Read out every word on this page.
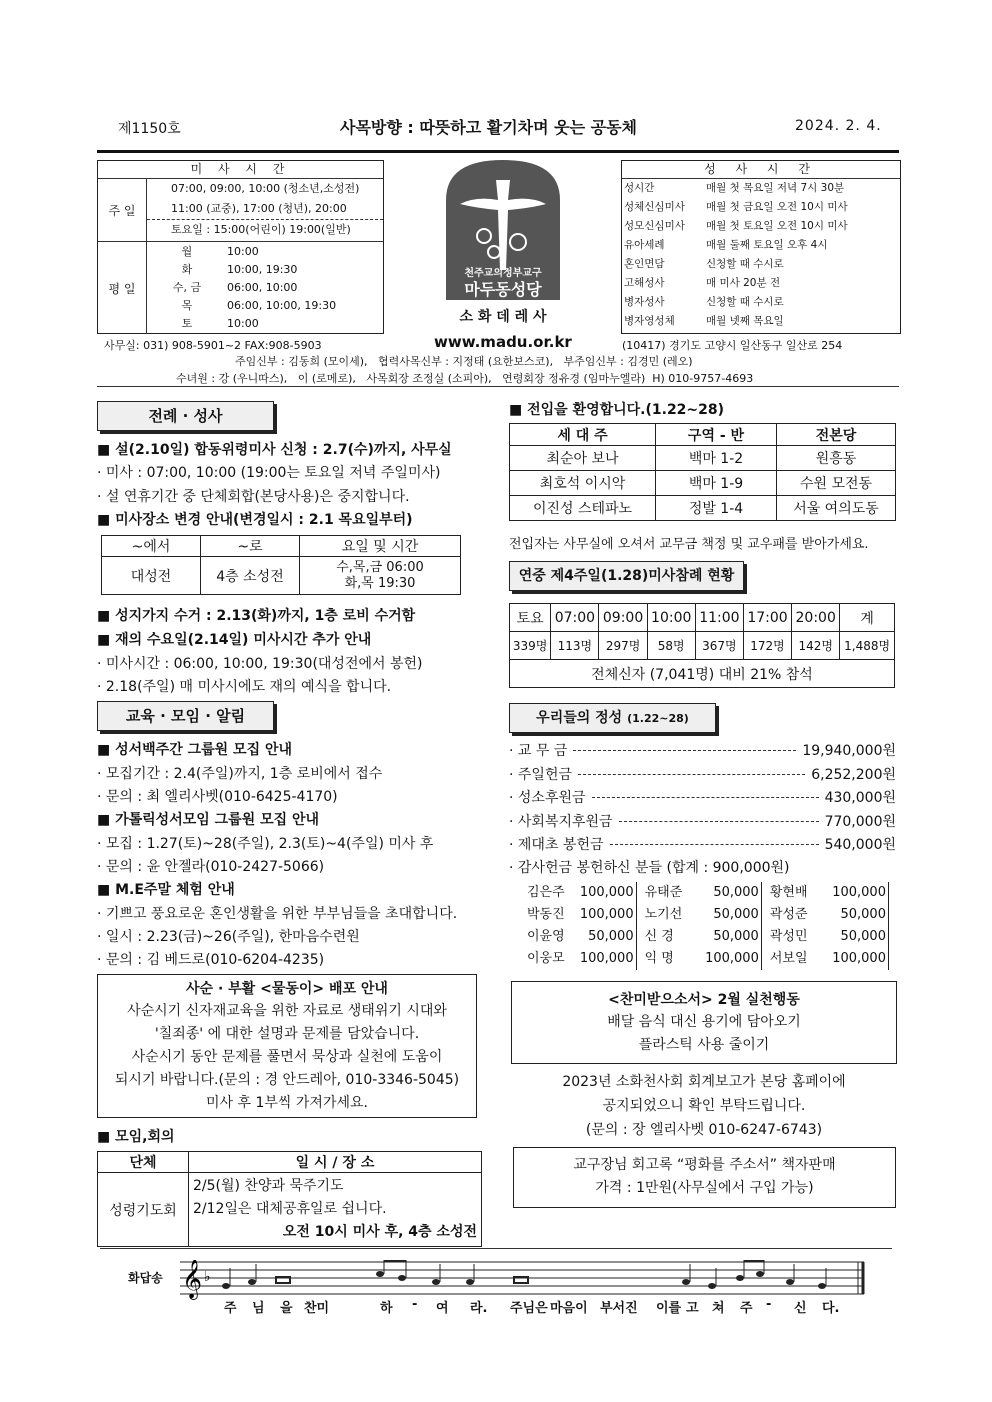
제1150호	사목방향 : 따뜻하고 활기차며 웃는 공동체	2024. 2. 4.
미 사 시 간
주 일
07:00, 09:00, 10:00 (청소년,소성전)
11:00 (교중), 17:00 (청년), 20:00
토요일 : 15:00(어린이) 19:00(일반)
평 일
월	10:00
화	10:00, 19:30
수, 금	06:00, 10:00
목	06:00, 10:00, 19:30
토	10:00
천주교의정부교구
마두동성당
소 화 데 레 사
www.madu.or.kr
성 사 시 간
성시간	매월 첫 목요일 저녁 7시 30분
성체신심미사	매월 첫 금요일 오전 10시 미사
성모신심미사	매월 첫 토요일 오전 10시 미사
유아세례	매월 둘째 토요일 오후 4시
혼인면담	신청할 때 수시로
고해성사	매 미사 20분 전
병자성사	신청할 때 수시로
병자영성체	매월 넷째 목요일
사무실: 031) 908-5901~2 FAX:908-5903	(10417) 경기도 고양시 일산동구 일산로 254
주임신부 : 김동희 (모이세),   협력사목신부 : 지정태 (요한보스코),   부주임신부 : 김경민 (레오)
수녀원 : 강 (우니따스),   이 (로메로),   사목회장 조정실 (소피아),   연령회장 정유경 (임마누엘라)  H) 010-9757-4693
전례 · 성사
■ 설(2.10일) 합동위령미사 신청 : 2.7(수)까지, 사무실
· 미사 : 07:00, 10:00 (19:00는 토요일 저녁 주일미사)
· 설 연휴기간 중 단체회합(본당사용)은 중지합니다.
■ 미사장소 변경 안내(변경일시 : 2.1 목요일부터)
~에서	~로	요일 및 시간
대성전	4층 소성전	수,목,금 06:00
화,목 19:30
■ 성지가지 수거 : 2.13(화)까지, 1층 로비 수거함
■ 재의 수요일(2.14일) 미사시간 추가 안내
· 미사시간 : 06:00, 10:00, 19:30(대성전에서 봉헌)
· 2.18(주일) 매 미사시에도 재의 예식을 합니다.
교육 · 모임 · 알림
■ 성서백주간 그룹원 모집 안내
· 모집기간 : 2.4(주일)까지, 1층 로비에서 접수
· 문의 : 최 엘리사벳(010-6425-4170)
■ 가톨릭성서모임 그룹원 모집 안내
· 모집 : 1.27(토)~28(주일), 2.3(토)~4(주일) 미사 후
· 문의 : 윤 안젤라(010-2427-5066)
■ M.E주말 체험 안내
· 기쁘고 풍요로운 혼인생활을 위한 부부님들을 초대합니다.
· 일시 : 2.23(금)~26(주일), 한마음수련원
· 문의 : 김 베드로(010-6204-4235)
사순 · 부활 <물동이> 배포 안내
사순시기 신자재교육을 위한 자료로 생태위기 시대와
'칠죄종' 에 대한 설명과 문제를 담았습니다.
사순시기 동안 문제를 풀면서 묵상과 실천에 도움이
되시기 바랍니다.(문의 : 경 안드레아, 010-3346-5045)
미사 후 1부씩 가져가세요.
■ 모임,회의
단체	일 시 / 장 소
성령기도회	2/5(월) 찬양과 묵주기도
2/12일은 대체공휴일로 쉽니다.
오전 10시 미사 후, 4층 소성전
■ 전입을 환영합니다.(1.22~28)
세 대 주	구역 - 반	전본당
최순아 보나	백마 1-2	원흥동
최호석 이시악	백마 1-9	수원 모전동
이진성 스테파노	정발 1-4	서울 여의도동
전입자는 사무실에 오셔서 교무금 책정 및 교우패를 받아가세요.
연중 제4주일(1.28)미사참례 현황
토요	07:00	09:00	10:00	11:00	17:00	20:00	계
339명	113명	297명	58명	367명	172명	142명	1,488명
전체신자 (7,041명) 대비 21% 참석							
우리들의 정성 (1.22~28)
· 교 무 금	19,940,000원
· 주일헌금	6,252,200원
· 성소후원금	430,000원
· 사회복지후원금	770,000원
· 제대초 봉헌금	540,000원
· 감사헌금 봉헌하신 분들 (합계 : 900,000원)
김은주	100,000 유태준	50,000 황현배	100,000
박동진	100,000 노기선	50,000 곽성준	50,000
이윤영	50,000 신 경	50,000 곽성민	50,000
이웅모	100,000 익 명	100,000 서보일	100,000
<찬미받으소서> 2월 실천행동
배달 음식 대신 용기에 담아오기
플라스틱 사용 줄이기
2023년 소화천사회 회계보고가 본당 홈페이에
공지되었으니 확인 부탁드립니다.
(문의 : 장 엘리사벳 010-6247-6743)
교구장님 회고록 “평화를 주소서” 책자판매
가격 : 1만원(사무실에서 구입 가능)
화답송 𝄞 ♭
주 님 을 찬미	하 - 여 라. 주님은 마음이 부서진 이를 고 쳐 주 - 신 다.
